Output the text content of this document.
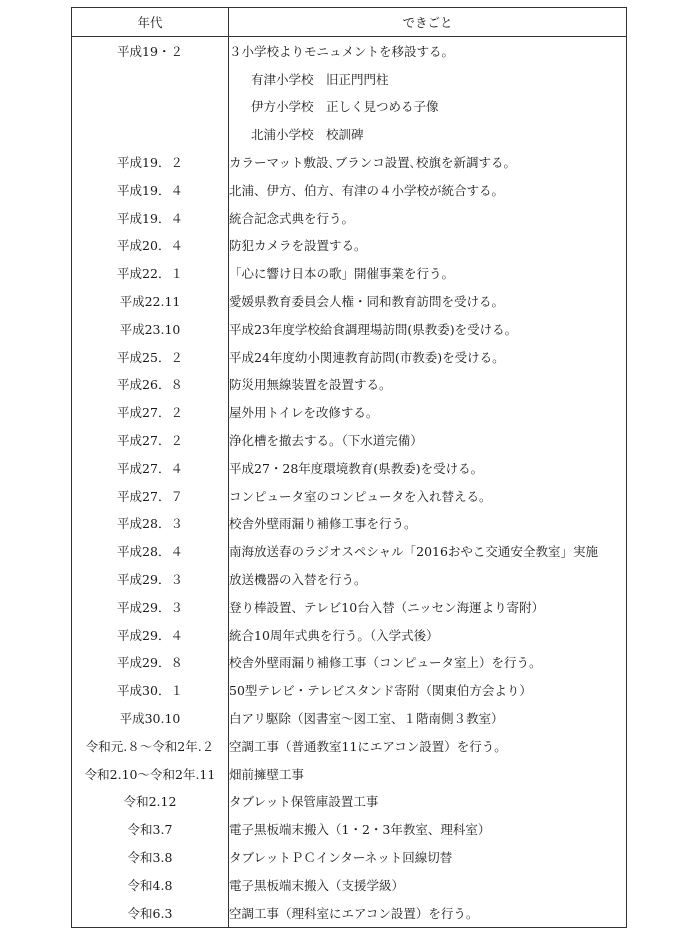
年代	できごと
平成19・２	３小学校よりモニュメントを移設する。
	有津小学校　旧正門門柱
	伊方小学校　正しく見つめる子像
	北浦小学校　校訓碑
平成19．２	カラーマット敷設､ブランコ設置､校旗を新調する。
平成19．４	北浦、伊方、伯方、有津の４小学校が統合する。
平成19．４	統合記念式典を行う。
平成20．４	防犯カメラを設置する。
平成22．１	「心に響け日本の歌」開催事業を行う。
平成22.11	愛媛県教育委員会人権・同和教育訪問を受ける。
平成23.10	平成23年度学校給食調理場訪問(県教委)を受ける。
平成25．２	平成24年度幼小関連教育訪問(市教委)を受ける。
平成26．８	防災用無線装置を設置する。
平成27．２	屋外用トイレを改修する。
平成27．２	浄化槽を撤去する。（下水道完備）
平成27．４	平成27・28年度環境教育(県教委)を受ける。
平成27．７	コンピュータ室のコンピュータを入れ替える。
平成28．３	校舎外壁雨漏り補修工事を行う。
平成28．４	南海放送春のラジオスペシャル「2016おやこ交通安全教室」実施
平成29．３	放送機器の入替を行う。
平成29．３	登り棒設置、テレビ10台入替（ニッセン海運より寄附）
平成29．４	統合10周年式典を行う。（入学式後）
平成29．８	校舎外壁雨漏り補修工事（コンピュータ室上）を行う。
平成30．１	50型テレビ・テレビスタンド寄附（関東伯方会より）
平成30.10	白アリ駆除（図書室～図工室、１階南側３教室）
令和元.８～令和2年.２	空調工事（普通教室11にエアコン設置）を行う。
令和2.10～令和2年.11	畑前擁壁工事
令和2.12	タブレット保管庫設置工事
令和3.7	電子黒板端末搬入（1・2・3年教室、理科室）
令和3.8	タブレットＰＣインターネット回線切替
令和4.8	電子黒板端末搬入（支援学級）
令和6.3	空調工事（理科室にエアコン設置）を行う。
